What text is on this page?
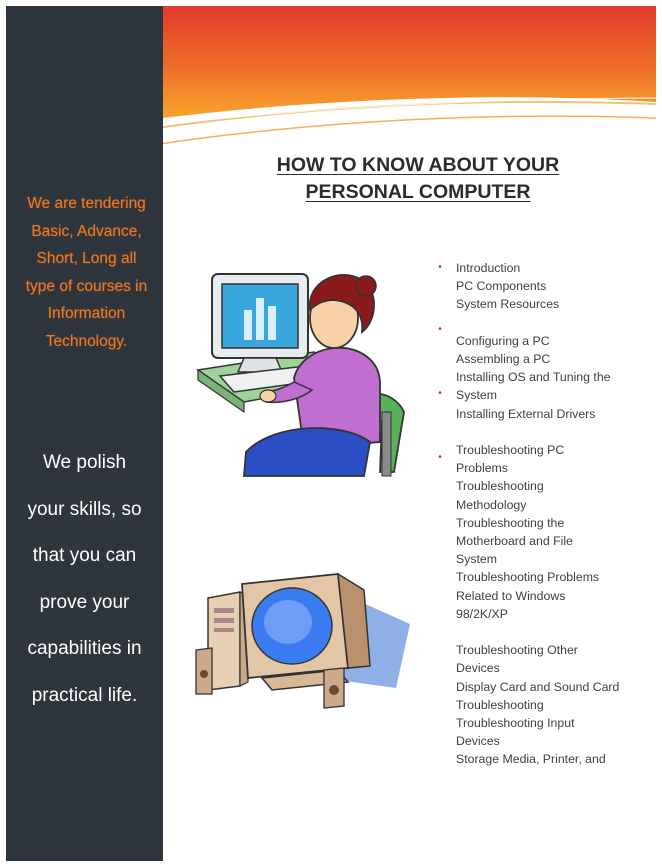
We are tendering
Basic, Advance,
Short, Long all
type of courses in
Information
Technology.
We polish
your skills, so
that you can
prove your
capabilities in
practical life.
HOW TO KNOW ABOUT YOUR
PERSONAL COMPUTER
•
•
•
•
Introduction
PC Components
System Resources
Configuring a PC
Assembling a PC
Installing OS and Tuning the
System
Installing External Drivers
Troubleshooting PC
Problems
Troubleshooting
Methodology
Troubleshooting the
Motherboard and File
System
Troubleshooting Problems
Related to Windows
98/2K/XP
Troubleshooting Other
Devices
Display Card and Sound Card
Troubleshooting
Troubleshooting Input
Devices
Storage Media, Printer, and
